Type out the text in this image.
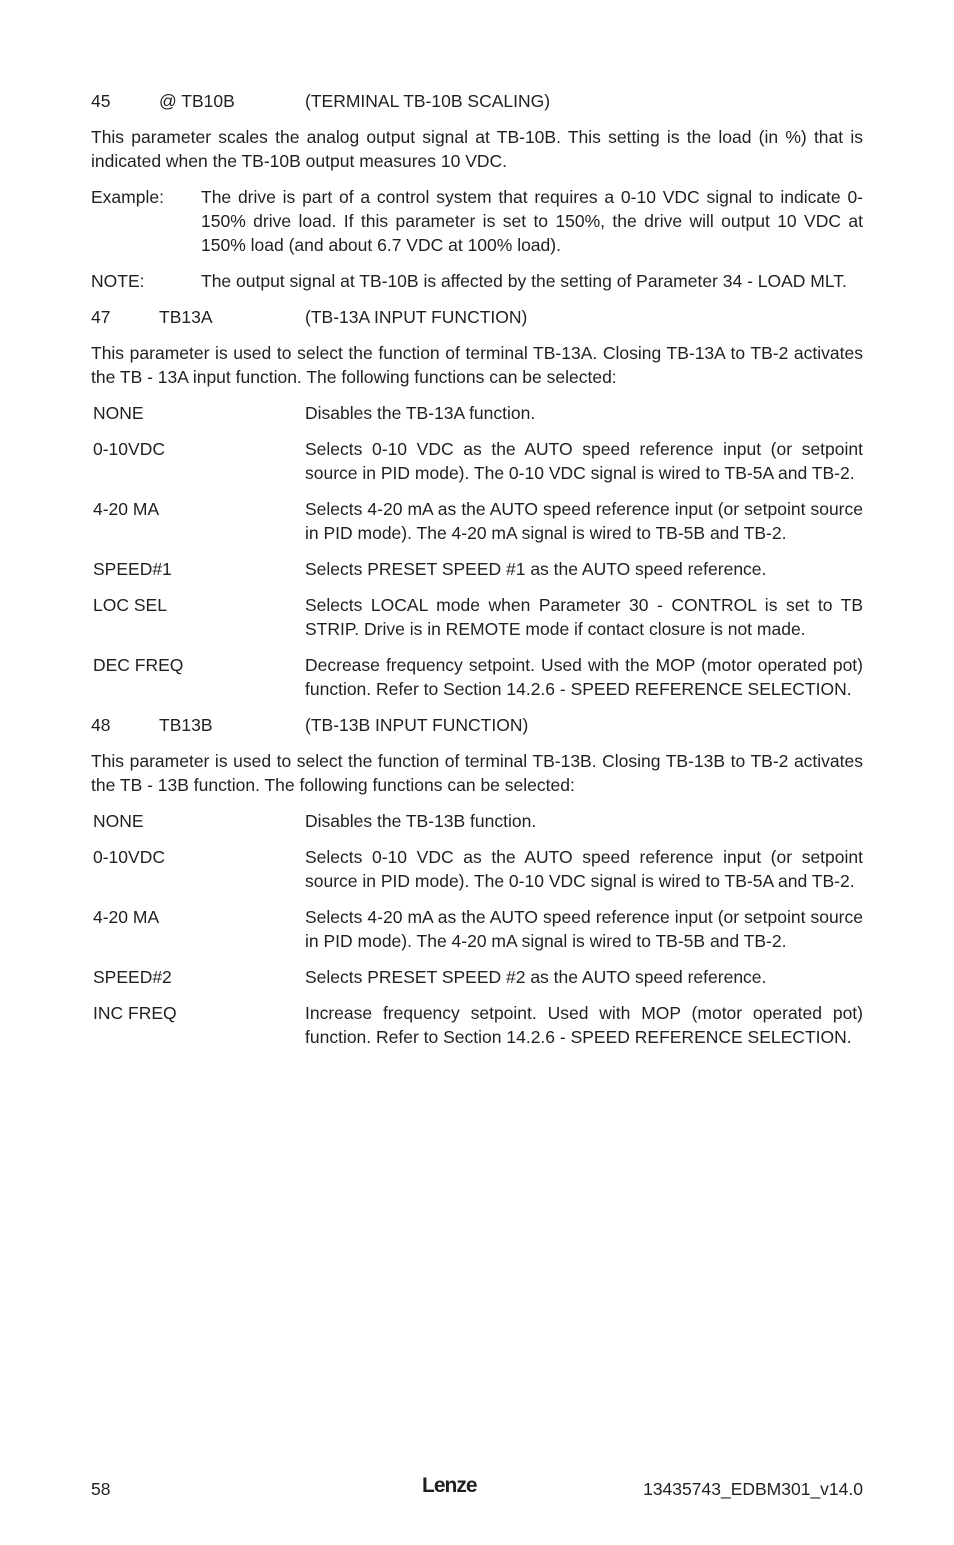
45	@ TB10B	(TERMINAL TB-10B SCALING)

This parameter scales the analog output signal at TB-10B. This setting is the load (in %) that is indicated when the TB-10B output measures 10 VDC.

Example:	The drive is part of a control system that requires a 0-10 VDC signal to indicate 0-150% drive load. If this parameter is set to 150%, the drive will output 10 VDC at 150% load (and about 6.7 VDC at 100% load).
NOTE:	The output signal at TB-10B is affected by the setting of Parameter 34 - LOAD MLT.
47	TB13A	(TB-13A INPUT FUNCTION)

This parameter is used to select the function of terminal TB-13A. Closing TB-13A to TB-2 activates the TB - 13A input function. The following functions can be selected:

NONE	Disables the TB-13A function.
0-10VDC	Selects 0-10 VDC as the AUTO speed reference input (or setpoint source in PID mode). The 0-10 VDC signal is wired to TB-5A and TB-2.
4-20 MA	Selects 4-20 mA as the AUTO speed reference input (or setpoint source in PID mode). The 4-20 mA signal is wired to TB-5B and TB-2.
SPEED#1	Selects PRESET SPEED #1 as the AUTO speed reference.
LOC SEL	Selects LOCAL mode when Parameter 30 - CONTROL is set to TB STRIP. Drive is in REMOTE mode if contact closure is not made.
DEC FREQ	Decrease frequency setpoint. Used with the MOP (motor operated pot) function. Refer to Section 14.2.6 - SPEED REFERENCE SELECTION.
48	TB13B	(TB-13B INPUT FUNCTION)

This parameter is used to select the function of terminal TB-13B. Closing TB-13B to TB-2 activates the TB - 13B function. The following functions can be selected:

NONE	Disables the TB-13B function.
0-10VDC	Selects 0-10 VDC as the AUTO speed reference input (or setpoint source in PID mode). The 0-10 VDC signal is wired to TB-5A and TB-2.
4-20 MA	Selects 4-20 mA as the AUTO speed reference input (or setpoint source in PID mode). The 4-20 mA signal is wired to TB-5B and TB-2.
SPEED#2	Selects PRESET SPEED #2 as the AUTO speed reference.
INC FREQ	Increase frequency setpoint. Used with MOP (motor operated pot) function. Refer to Section 14.2.6 - SPEED REFERENCE SELECTION.
58	Lenze	13435743_EDBM301_v14.0
